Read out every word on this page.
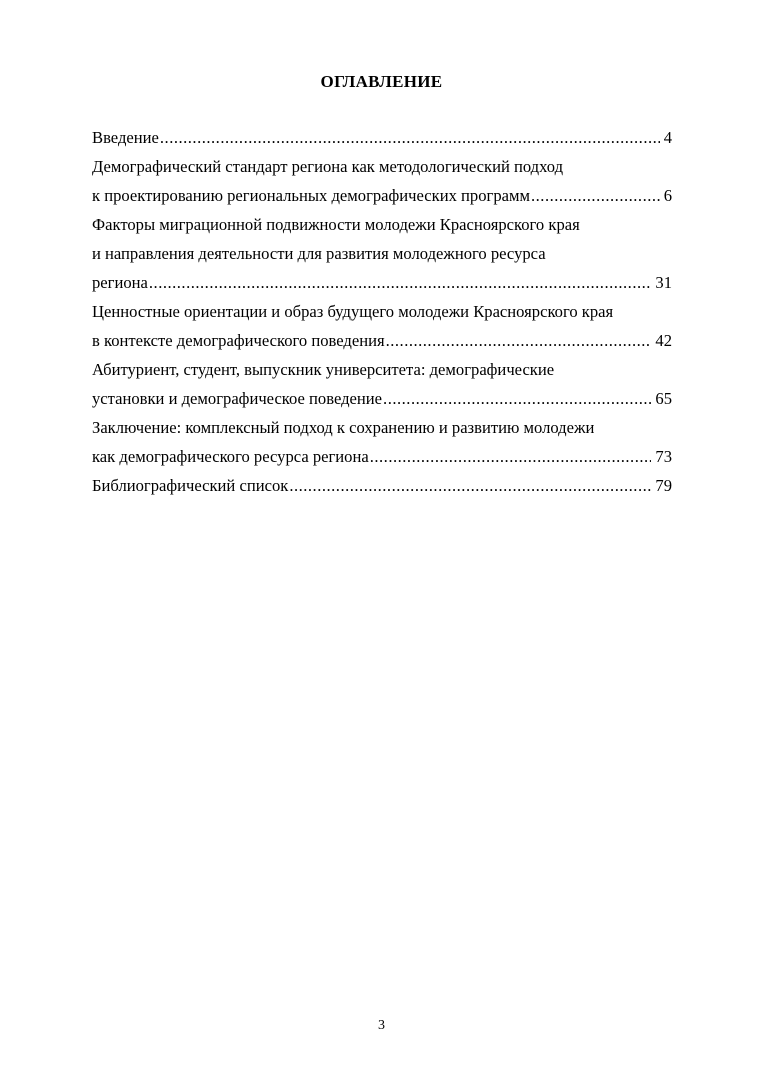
ОГЛАВЛЕНИЕ
Введение .....	4
Демографический стандарт региона как методологический подход
к проектированию региональных демографических программ .....	6
Факторы миграционной подвижности молодежи Красноярского края
и направления деятельности для развития молодежного ресурса
региона .....	31
Ценностные ориентации и образ будущего молодежи Красноярского края
в контексте демографического поведения .....	42
Абитуриент, студент, выпускник университета: демографические
установки и демографическое поведение .....	65
Заключение: комплексный подход к сохранению и развитию молодежи
как демографического ресурса региона .....	73
Библиографический список .....	79
3
